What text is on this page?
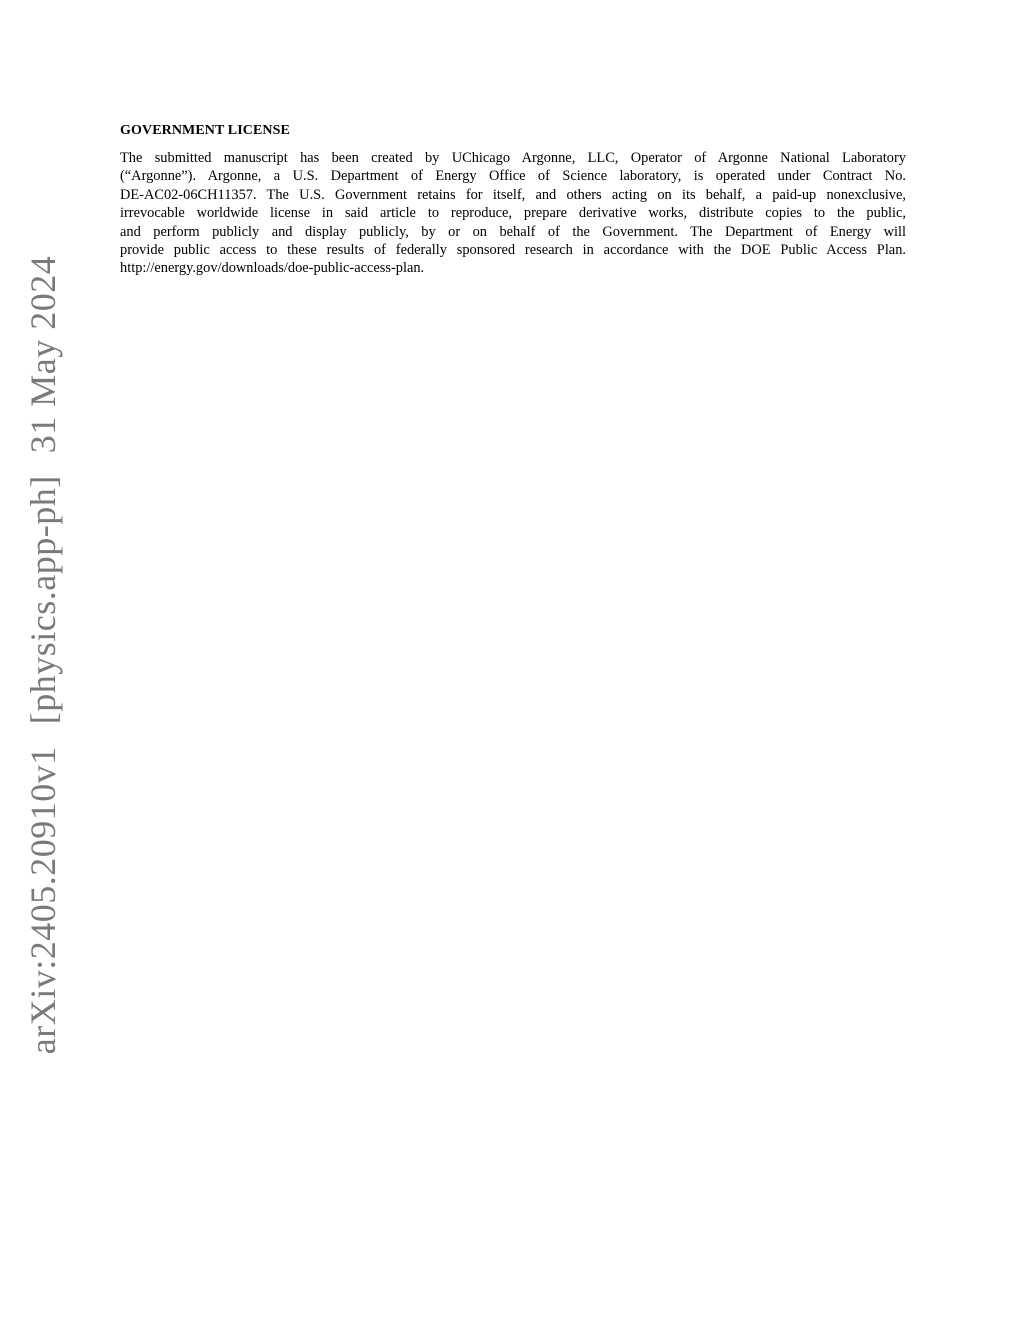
arXiv:2405.20910v1[physics.app-ph]31 May 2024
GOVERNMENT LICENSE
The submitted manuscript has been created by UChicago Argonne, LLC, Operator of Argonne National Laboratory
(“Argonne”). Argonne, a U.S. Department of Energy Office of Science laboratory, is operated under Contract No.
DE-AC02-06CH11357. The U.S. Government retains for itself, and others acting on its behalf, a paid-up nonexclusive,
irrevocable worldwide license in said article to reproduce, prepare derivative works, distribute copies to the public,
and perform publicly and display publicly, by or on behalf of the Government. The Department of Energy will
provide public access to these results of federally sponsored research in accordance with the DOE Public Access Plan.
http://energy.gov/downloads/doe-public-access-plan.
